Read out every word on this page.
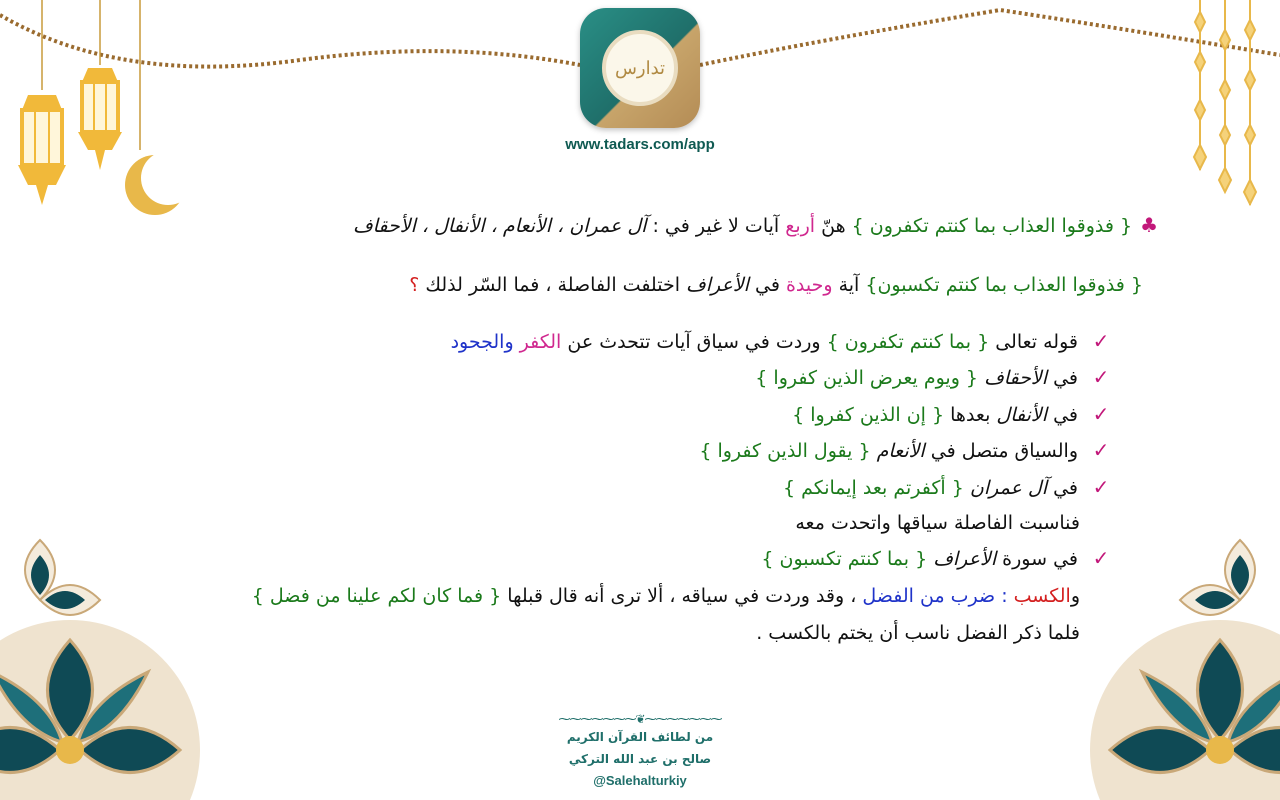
تدارس
www.tadars.com/app
♣{ فذوقوا العذاب بما كنتم تكفرون } هنّ أربع آيات لا غير في : آل عمران ، الأنعام ، الأنفال ، الأحقاف
{ فذوقوا العذاب بما كنتم تكسبون} آية وحيدة في الأعراف اختلفت الفاصلة ، فما السّر لذلك ؟
✓قوله تعالى { بما كنتم تكفرون } وردت في سياق آيات تتحدث عن الكفر والجحود
✓في الأحقاف { ويوم يعرض الذين كفروا }
✓في الأنفال بعدها { إن الذين كفروا }
✓والسياق متصل في الأنعام { يقول الذين كفروا }
✓في آل عمران { أكفرتم بعد إيمانكم }
فناسبت الفاصلة سياقها واتحدت معه
✓في سورة الأعراف { بما كنتم تكسبون }
والكسب : ضرب من الفضل ، وقد وردت في سياقه ، ألا ترى أنه قال قبلها { فما كان لكم علينا من فضل }
فلما ذكر الفضل ناسب أن يختم بالكسب .
⁓⁓⁓⁓⁓⁓⁓❦⁓⁓⁓⁓⁓⁓⁓
من لطائف القرآن الكريم
صالح بن عبد الله التركي
@Salehalturkiy
